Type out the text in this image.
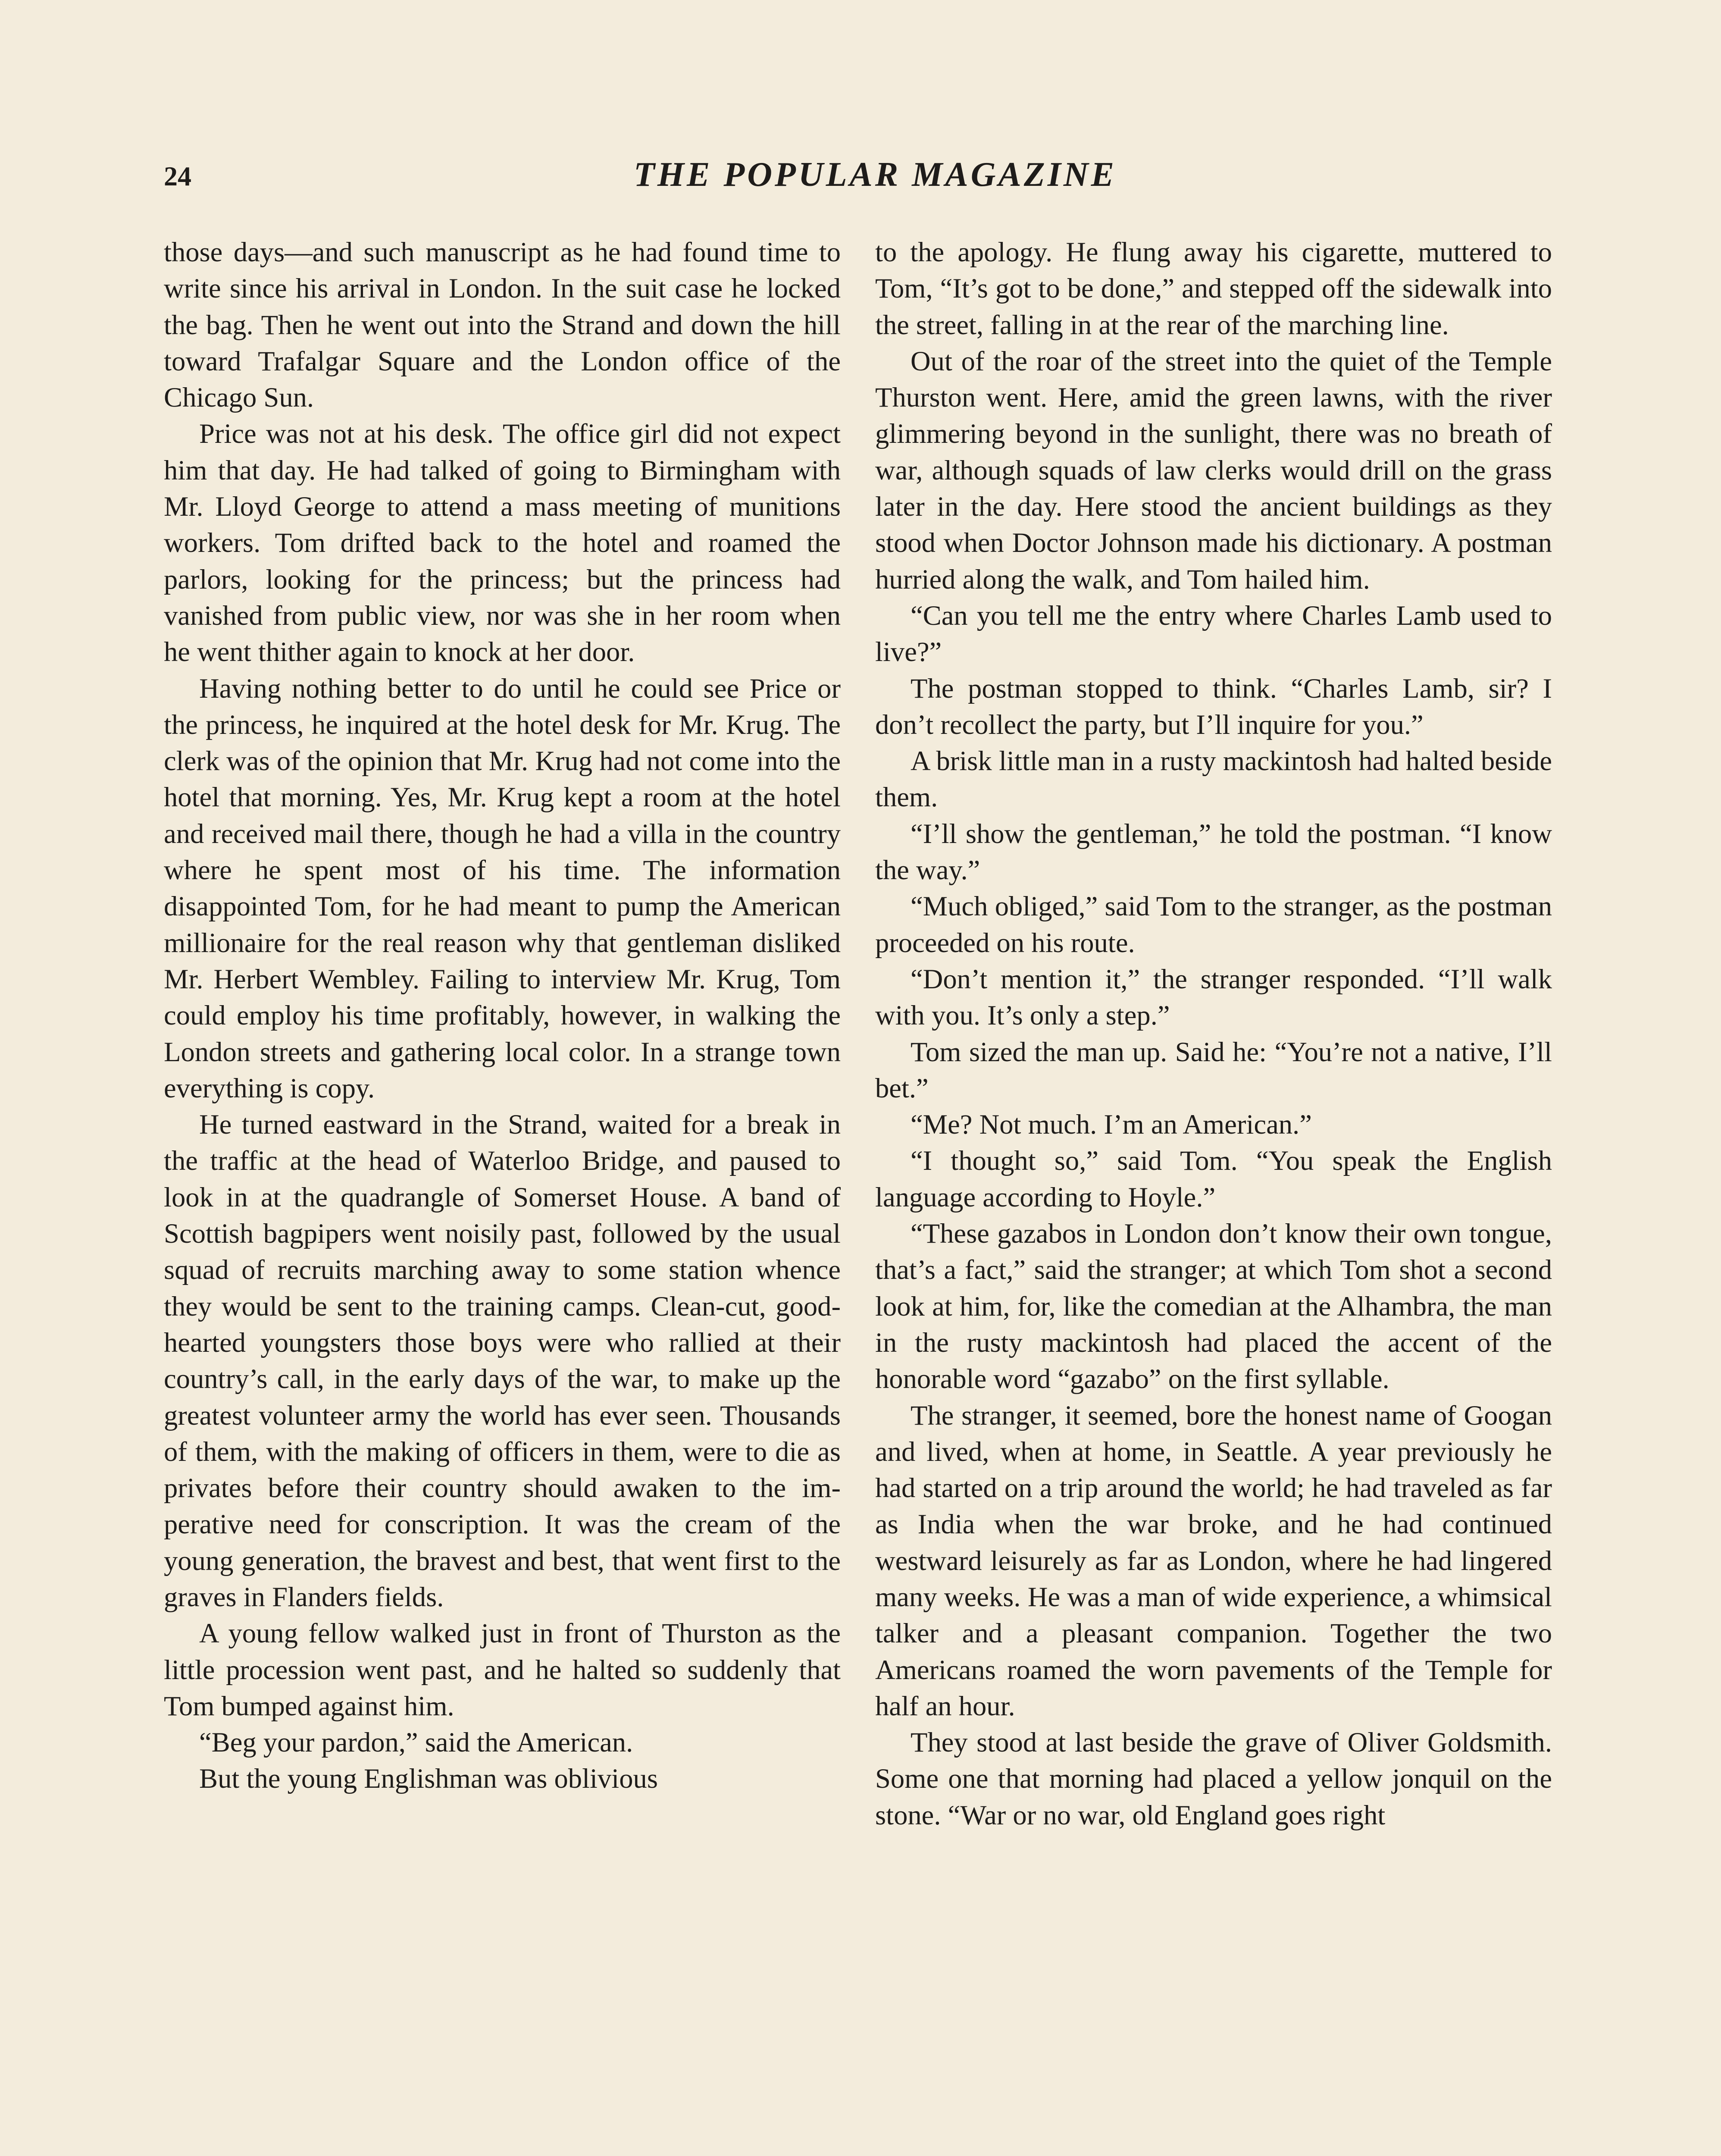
24	THE POPULAR MAGAZINE

those days—and such manuscript as he had found time to write since his arrival in London. In the suit case he locked the bag. Then he went out into the Strand and down the hill toward Trafalgar Square and the London office of the Chicago Sun.

Price was not at his desk. The office girl did not expect him that day. He had talked of going to Birmingham with Mr. Lloyd George to attend a mass meeting of munitions workers. Tom drifted back to the hotel and roamed the parlors, looking for the princess; but the princess had vanished from public view, nor was she in her room when he went thither again to knock at her door.

Having nothing better to do until he could see Price or the princess, he inquired at the hotel desk for Mr. Krug. The clerk was of the opinion that Mr. Krug had not come into the hotel that morning. Yes, Mr. Krug kept a room at the hotel and received mail there, though he had a villa in the country where he spent most of his time. The information disappointed Tom, for he had meant to pump the American millionaire for the real reason why that gentleman disliked Mr. Herbert Wembley. Failing to interview Mr. Krug, Tom could employ his time profitably, however, in walking the London streets and gathering local color. In a strange town everything is copy.

He turned eastward in the Strand, waited for a break in the traffic at the head of Waterloo Bridge, and paused to look in at the quadrangle of Somerset House. A band of Scottish bagpipers went noisily past, followed by the usual squad of recruits marching away to some station whence they would be sent to the training camps. Clean-cut, good-hearted youngsters those boys were who rallied at their country’s call, in the early days of the war, to make up the greatest volunteer army the world has ever seen. Thousands of them, with the making of officers in them, were to die as privates before their country should awaken to the imperative need for conscription. It was the cream of the young generation, the bravest and best, that went first to the graves in Flanders fields.

A young fellow walked just in front of Thurston as the little procession went past, and he halted so suddenly that Tom bumped against him.

“Beg your pardon,” said the American.

But the young Englishman was oblivious

to the apology. He flung away his cigarette, muttered to Tom, “It’s got to be done,” and stepped off the sidewalk into the street, falling in at the rear of the marching line.

Out of the roar of the street into the quiet of the Temple Thurston went. Here, amid the green lawns, with the river glimmering beyond in the sunlight, there was no breath of war, although squads of law clerks would drill on the grass later in the day. Here stood the ancient buildings as they stood when Doctor Johnson made his dictionary. A postman hurried along the walk, and Tom hailed him.

“Can you tell me the entry where Charles Lamb used to live?”

The postman stopped to think. “Charles Lamb, sir? I don’t recollect the party, but I’ll inquire for you.”

A brisk little man in a rusty mackintosh had halted beside them.

“I’ll show the gentleman,” he told the postman. “I know the way.”

“Much obliged,” said Tom to the stranger, as the postman proceeded on his route.

“Don’t mention it,” the stranger responded. “I’ll walk with you. It’s only a step.”

Tom sized the man up. Said he: “You’re not a native, I’ll bet.”

“Me? Not much. I’m an American.”

“I thought so,” said Tom. “You speak the English language according to Hoyle.”

“These gazabos in London don’t know their own tongue, that’s a fact,” said the stranger; at which Tom shot a second look at him, for, like the comedian at the Alhambra, the man in the rusty mackintosh had placed the accent of the honorable word “gazabo” on the first syllable.

The stranger, it seemed, bore the honest name of Googan and lived, when at home, in Seattle. A year previously he had started on a trip around the world; he had traveled as far as India when the war broke, and he had continued westward leisurely as far as London, where he had lingered many weeks. He was a man of wide experience, a whimsical talker and a pleasant companion. Together the two Americans roamed the worn pavements of the Temple for half an hour.

They stood at last beside the grave of Oliver Goldsmith. Some one that morning had placed a yellow jonquil on the stone. “War or no war, old England goes right
